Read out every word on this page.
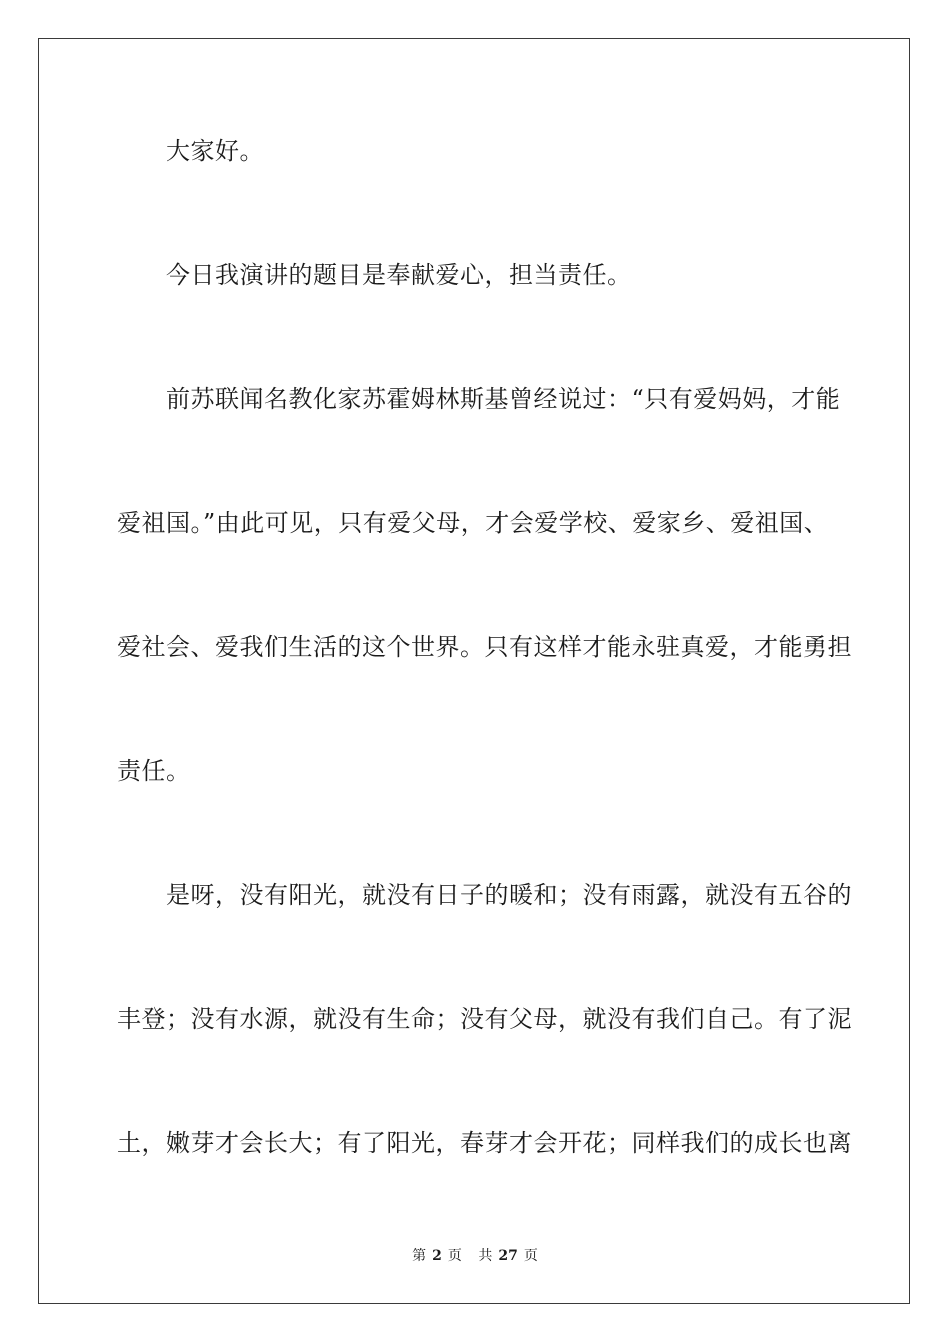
大家好。
今日我演讲的题目是奉献爱心，担当责任。
前苏联闻名教化家苏霍姆林斯基曾经说过：“只有爱妈妈，才能
爱祖国。”由此可见，只有爱父母，才会爱学校、爱家乡、爱祖国、
爱社会、爱我们生活的这个世界。只有这样才能永驻真爱，才能勇担
责任。
是呀，没有阳光，就没有日子的暖和；没有雨露，就没有五谷的
丰登；没有水源，就没有生命；没有父母，就没有我们自己。有了泥
土，嫩芽才会长大；有了阳光，春芽才会开花；同样我们的成长也离
第 2 页 共 27 页
